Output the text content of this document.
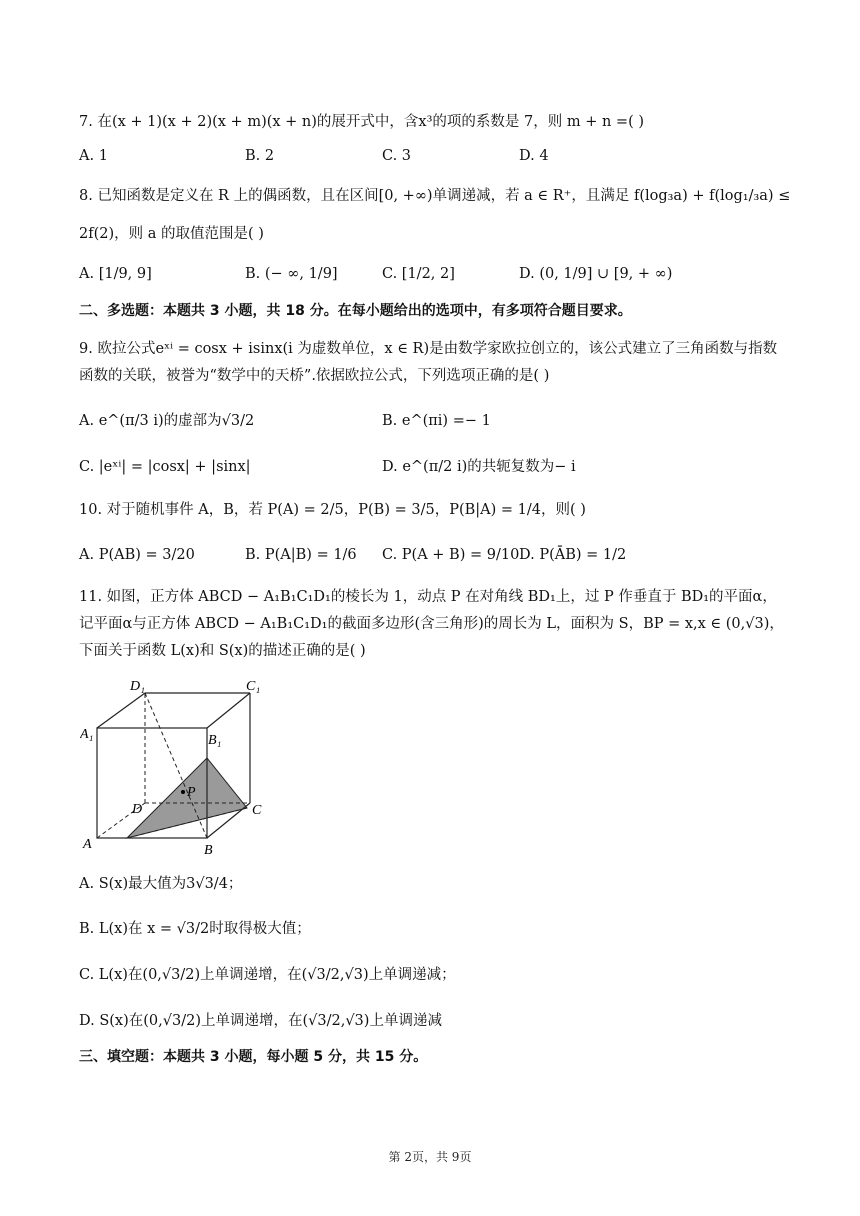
7. 在(x + 1)(x + 2)(x + m)(x + n)的展开式中，含x³的项的系数是 7，则 m + n =( )
A. 1	B. 2	C. 3	D. 4
8. 已知函数是定义在 R 上的偶函数，且在区间[0, +∞)单调递减，若 a ∈ R⁺，且满足 f(log₃a) + f(log₁/₃a) ≤
2f(2)，则 a 的取值范围是( )
A. [1/9, 9]	B. (− ∞, 1/9]	C. [1/2, 2]	D. (0, 1/9] ∪ [9, + ∞)
二、多选题：本题共 3 小题，共 18 分。在每小题给出的选项中，有多项符合题目要求。
9. 欧拉公式eˣⁱ = cosx + isinx(i 为虚数单位，x ∈ R)是由数学家欧拉创立的，该公式建立了三角函数与指数函数的关联，被誉为“数学中的天桥”.依据欧拉公式，下列选项正确的是( )
A. e^(π/3 i)的虚部为√3/2	B. e^(πi) =− 1
C. |eˣⁱ| = |cosx| + |sinx|	D. e^(π/2 i)的共轭复数为− i
10. 对于随机事件 A，B，若 P(A) = 2/5，P(B) = 3/5，P(B|A) = 1/4，则( )
A. P(AB) = 3/20	B. P(A|B) = 1/6 C. P(A + B) = 9/10 D. P(ĀB) = 1/2
11. 如图，正方体 ABCD − A₁B₁C₁D₁的棱长为 1，动点 P 在对角线 BD₁上，过 P 作垂直于 BD₁的平面α，记平面α与正方体 ABCD − A₁B₁C₁D₁的截面多边形(含三角形)的周长为 L，面积为 S，BP = x,x ∈ (0,√3)，下面关于函数 L(x)和 S(x)的描述正确的是( )
D₁	C₁
A₁	B₁
D
P
C
A	B
A. S(x)最大值为3√3/4；
B. L(x)在 x = √3/2时取得极大值；
C. L(x)在(0,√3/2)上单调递增，在(√3/2,√3)上单调递减；
D. S(x)在(0,√3/2)上单调递增，在(√3/2,√3)上单调递减
三、填空题：本题共 3 小题，每小题 5 分，共 15 分。
第 2页，共 9页
